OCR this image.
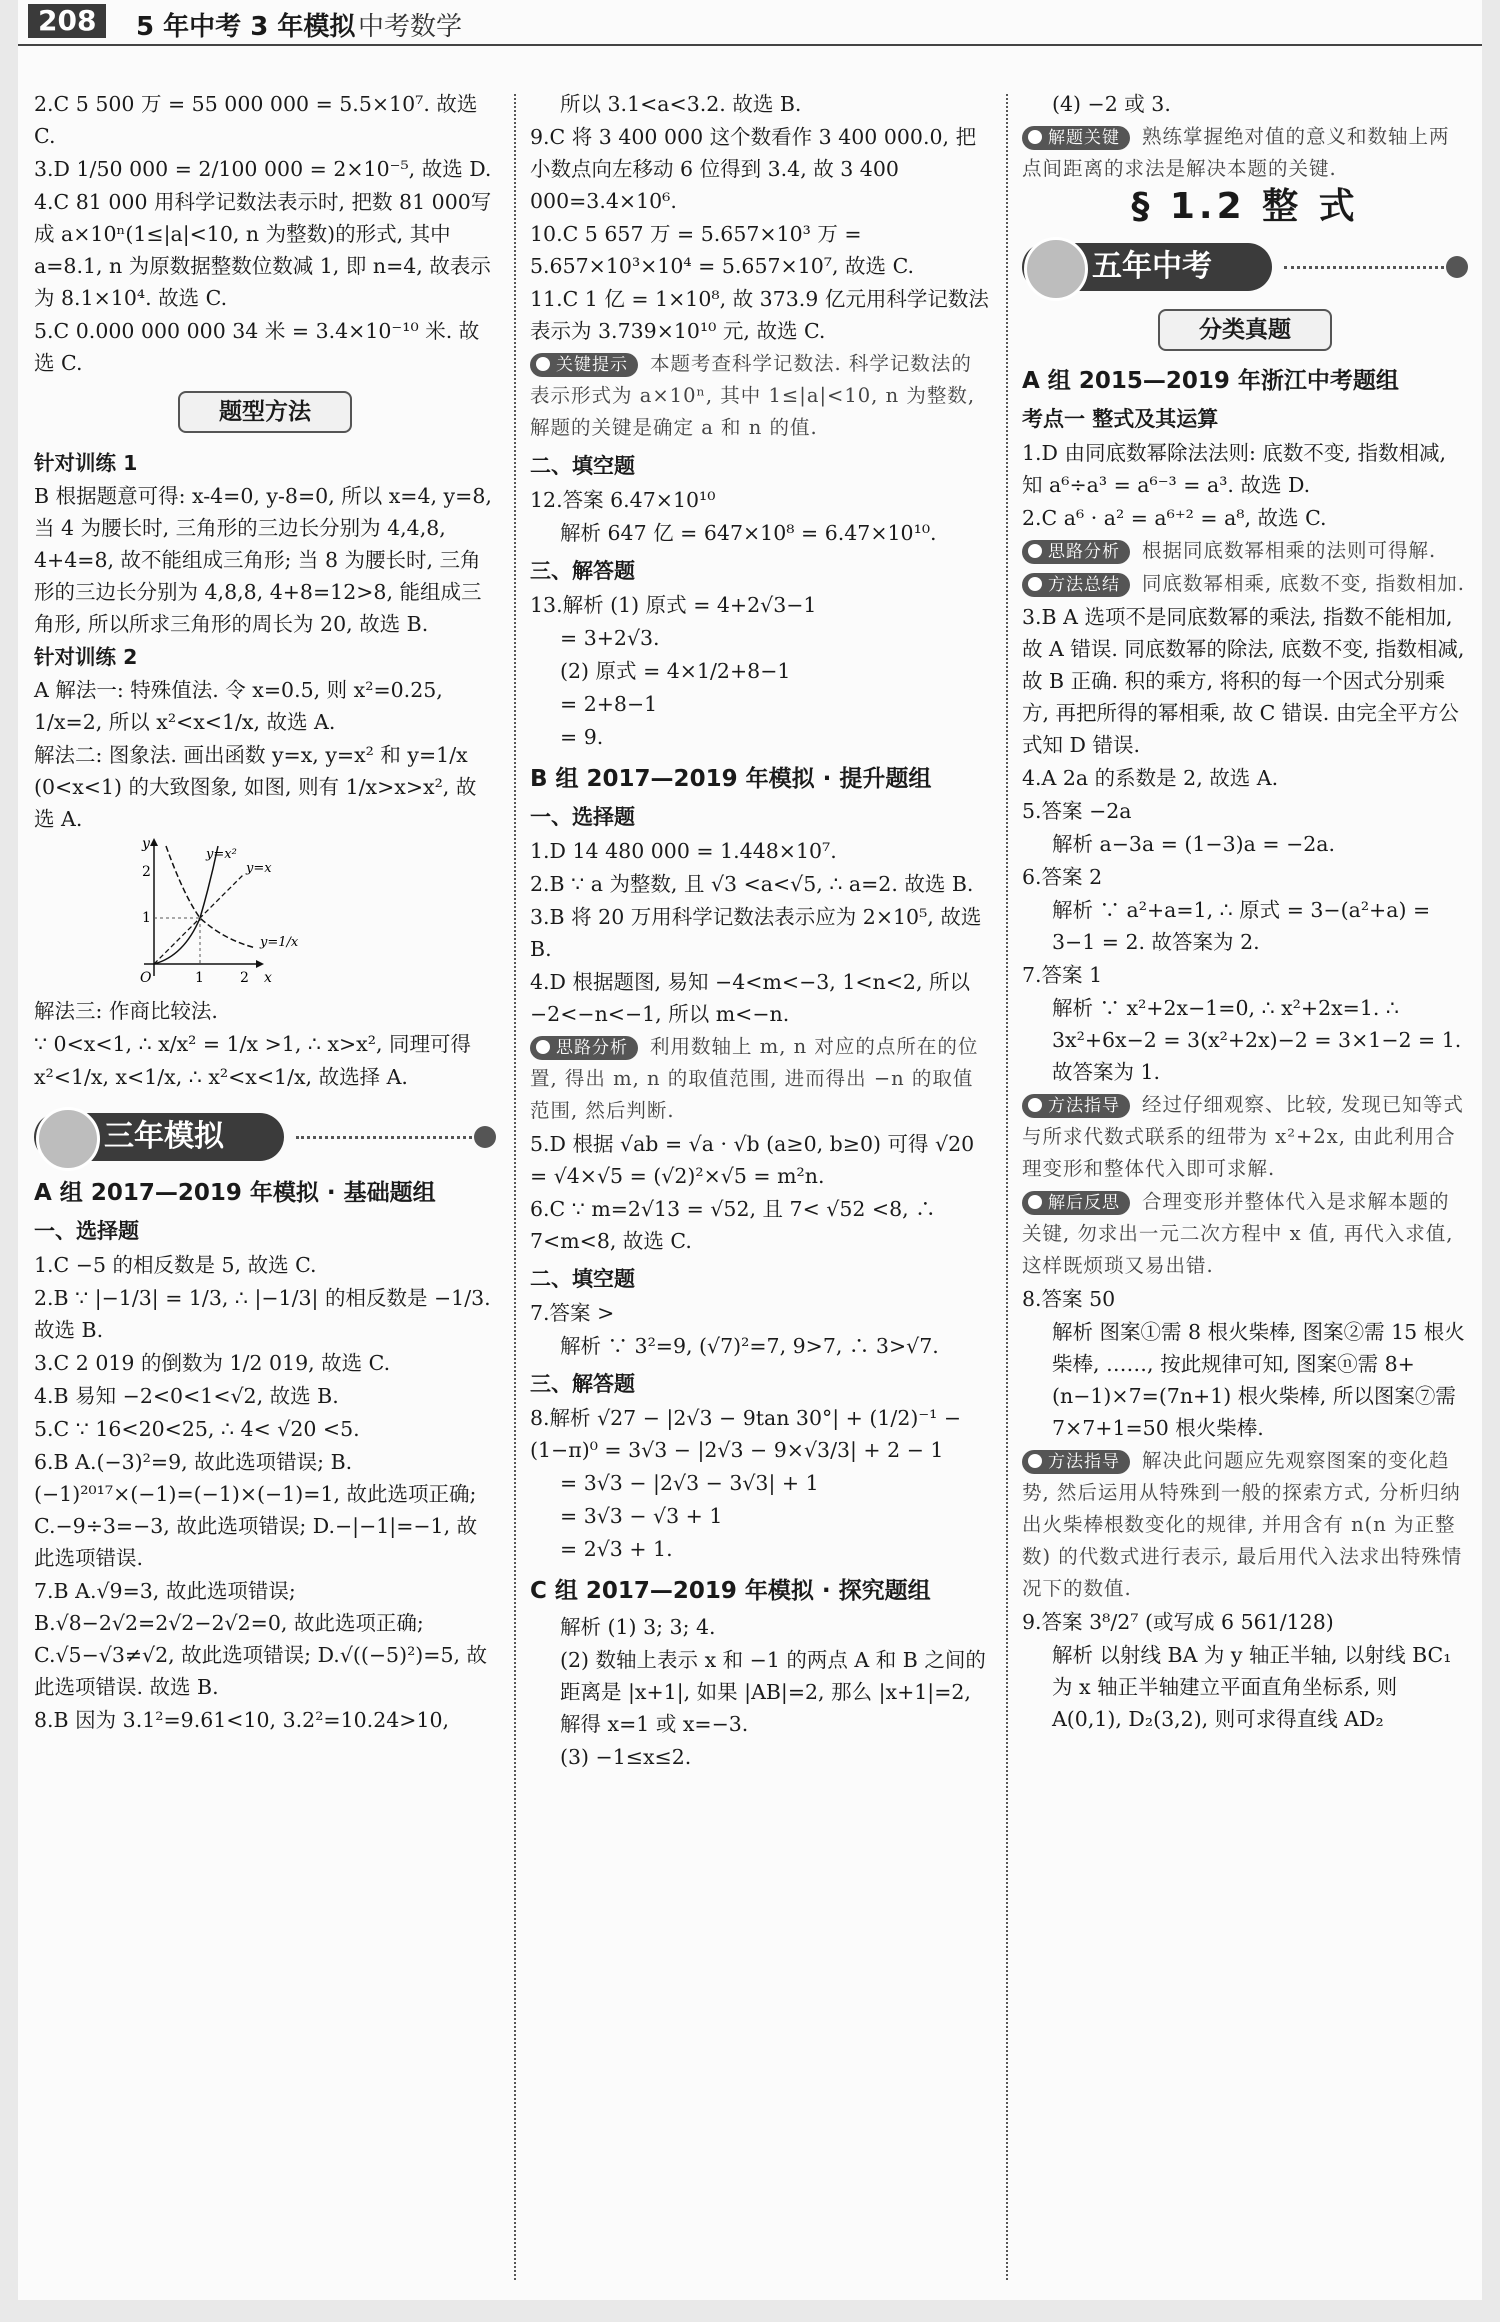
208	5 年中考 3 年模拟 中考数学

2.C 5 500 万 = 55 000 000 = 5.5×10⁷. 故选 C.

3.D 1/50 000 = 2/100 000 = 2×10⁻⁵, 故选 D.

4.C 81 000 用科学记数法表示时, 把数 81 000写成 a×10ⁿ(1≤|a|<10, n 为整数)的形式, 其中 a=8.1, n 为原数据整数位数减 1, 即 n=4, 故表示为 8.1×10⁴. 故选 C.

5.C 0.000 000 000 34 米 = 3.4×10⁻¹⁰ 米. 故选 C.

题型方法

针对训练 1

B 根据题意可得: x-4=0, y-8=0, 所以 x=4, y=8, 当 4 为腰长时, 三角形的三边长分别为 4,4,8, 4+4=8, 故不能组成三角形; 当 8 为腰长时, 三角形的三边长分别为 4,8,8, 4+8=12>8, 能组成三角形, 所以所求三角形的周长为 20, 故选 B.

针对训练 2

A 解法一: 特殊值法. 令 x=0.5, 则 x²=0.25, 1/x=2, 所以 x²<x<1/x, 故选 A.

解法二: 图象法. 画出函数 y=x, y=x² 和 y=1/x (0<x<1) 的大致图象, 如图, 则有 1/x>x>x², 故选 A.

y
x
O	1	2
1
2
y=x²
y=x
y=1/x

解法三: 作商比较法.

∵ 0<x<1, ∴ x/x² = 1/x >1, ∴ x>x², 同理可得

x²<1/x, x<1/x, ∴ x²<x<1/x, 故选择 A.

三年模拟

A 组 2017—2019 年模拟 · 基础题组

一、选择题

1.C −5 的相反数是 5, 故选 C.

2.B ∵ |−1/3| = 1/3, ∴ |−1/3| 的相反数是 −1/3. 故选 B.

3.C 2 019 的倒数为 1/2 019, 故选 C.

4.B 易知 −2<0<1<√2, 故选 B.

5.C ∵ 16<20<25, ∴ 4< √20 <5.

6.B A.(−3)²=9, 故此选项错误; B.(−1)²⁰¹⁷×(−1)=(−1)×(−1)=1, 故此选项正确; C.−9÷3=−3, 故此选项错误; D.−|−1|=−1, 故此选项错误.

7.B A.√9=3, 故此选项错误; B.√8−2√2=2√2−2√2=0, 故此选项正确; C.√5−√3≠√2, 故此选项错误; D.√((−5)²)=5, 故此选项错误. 故选 B.

8.B 因为 3.1²=9.61<10, 3.2²=10.24>10,

所以 3.1<a<3.2. 故选 B.

9.C 将 3 400 000 这个数看作 3 400 000.0, 把小数点向左移动 6 位得到 3.4, 故 3 400 000=3.4×10⁶.

10.C 5 657 万 = 5.657×10³ 万 = 5.657×10³×10⁴ = 5.657×10⁷, 故选 C.

11.C 1 亿 = 1×10⁸, 故 373.9 亿元用科学记数法表示为 3.739×10¹⁰ 元, 故选 C.

关键提示 本题考查科学记数法. 科学记数法的表示形式为 a×10ⁿ, 其中 1≤|a|<10, n 为整数, 解题的关键是确定 a 和 n 的值.

二、填空题

12.答案 6.47×10¹⁰

解析 647 亿 = 647×10⁸ = 6.47×10¹⁰.

三、解答题

13.解析 (1) 原式 = 4+2√3−1

= 3+2√3.

(2) 原式 = 4×1/2+8−1

= 2+8−1

= 9.

B 组 2017—2019 年模拟 · 提升题组

一、选择题

1.D 14 480 000 = 1.448×10⁷.

2.B ∵ a 为整数, 且 √3 <a<√5, ∴ a=2. 故选 B.

3.B 将 20 万用科学记数法表示应为 2×10⁵, 故选 B.

4.D 根据题图, 易知 −4<m<−3, 1<n<2, 所以 −2<−n<−1, 所以 m<−n.

思路分析 利用数轴上 m, n 对应的点所在的位置, 得出 m, n 的取值范围, 进而得出 −n 的取值范围, 然后判断.

5.D 根据 √ab = √a · √b (a≥0, b≥0) 可得 √20 = √4×√5 = (√2)²×√5 = m²n.

6.C ∵ m=2√13 = √52, 且 7< √52 <8, ∴ 7<m<8, 故选 C.

二、填空题

7.答案 >

解析 ∵ 3²=9, (√7)²=7, 9>7, ∴ 3>√7.

三、解答题

8.解析 √27 − |2√3 − 9tan 30°| + (1/2)⁻¹ − (1−π)⁰ = 3√3 − |2√3 − 9×√3/3| + 2 − 1

= 3√3 − |2√3 − 3√3| + 1

= 3√3 − √3 + 1

= 2√3 + 1.

C 组 2017—2019 年模拟 · 探究题组

解析 (1) 3; 3; 4.

(2) 数轴上表示 x 和 −1 的两点 A 和 B 之间的距离是 |x+1|, 如果 |AB|=2, 那么 |x+1|=2, 解得 x=1 或 x=−3.

(3) −1≤x≤2.

(4) −2 或 3.

解题关键 熟练掌握绝对值的意义和数轴上两点间距离的求法是解决本题的关键.

§ 1.2 整 式
五年中考
分类真题

A 组 2015—2019 年浙江中考题组

考点一 整式及其运算

1.D 由同底数幂除法法则: 底数不变, 指数相减, 知 a⁶÷a³ = a⁶⁻³ = a³. 故选 D.

2.C a⁶ · a² = a⁶⁺² = a⁸, 故选 C.

思路分析 根据同底数幂相乘的法则可得解.

方法总结 同底数幂相乘, 底数不变, 指数相加.

3.B A 选项不是同底数幂的乘法, 指数不能相加, 故 A 错误. 同底数幂的除法, 底数不变, 指数相减, 故 B 正确. 积的乘方, 将积的每一个因式分别乘方, 再把所得的幂相乘, 故 C 错误. 由完全平方公式知 D 错误.

4.A 2a 的系数是 2, 故选 A.

5.答案 −2a

解析 a−3a = (1−3)a = −2a.

6.答案 2

解析 ∵ a²+a=1, ∴ 原式 = 3−(a²+a) = 3−1 = 2. 故答案为 2.

7.答案 1

解析 ∵ x²+2x−1=0, ∴ x²+2x=1. ∴ 3x²+6x−2 = 3(x²+2x)−2 = 3×1−2 = 1. 故答案为 1.

方法指导 经过仔细观察、比较, 发现已知等式与所求代数式联系的纽带为 x²+2x, 由此利用合理变形和整体代入即可求解.

解后反思 合理变形并整体代入是求解本题的关键, 勿求出一元二次方程中 x 值, 再代入求值, 这样既烦琐又易出错.

8.答案 50

解析 图案①需 8 根火柴棒, 图案②需 15 根火柴棒, ……, 按此规律可知, 图案ⓝ需 8+(n−1)×7=(7n+1) 根火柴棒, 所以图案⑦需 7×7+1=50 根火柴棒.

方法指导 解决此问题应先观察图案的变化趋势, 然后运用从特殊到一般的探索方式, 分析归纳出火柴棒根数变化的规律, 并用含有 n(n 为正整数) 的代数式进行表示, 最后用代入法求出特殊情况下的数值.

9.答案 3⁸/2⁷ (或写成 6 561/128)

解析 以射线 BA 为 y 轴正半轴, 以射线 BC₁ 为 x 轴正半轴建立平面直角坐标系, 则 A(0,1), D₂(3,2), 则可求得直线 AD₂
